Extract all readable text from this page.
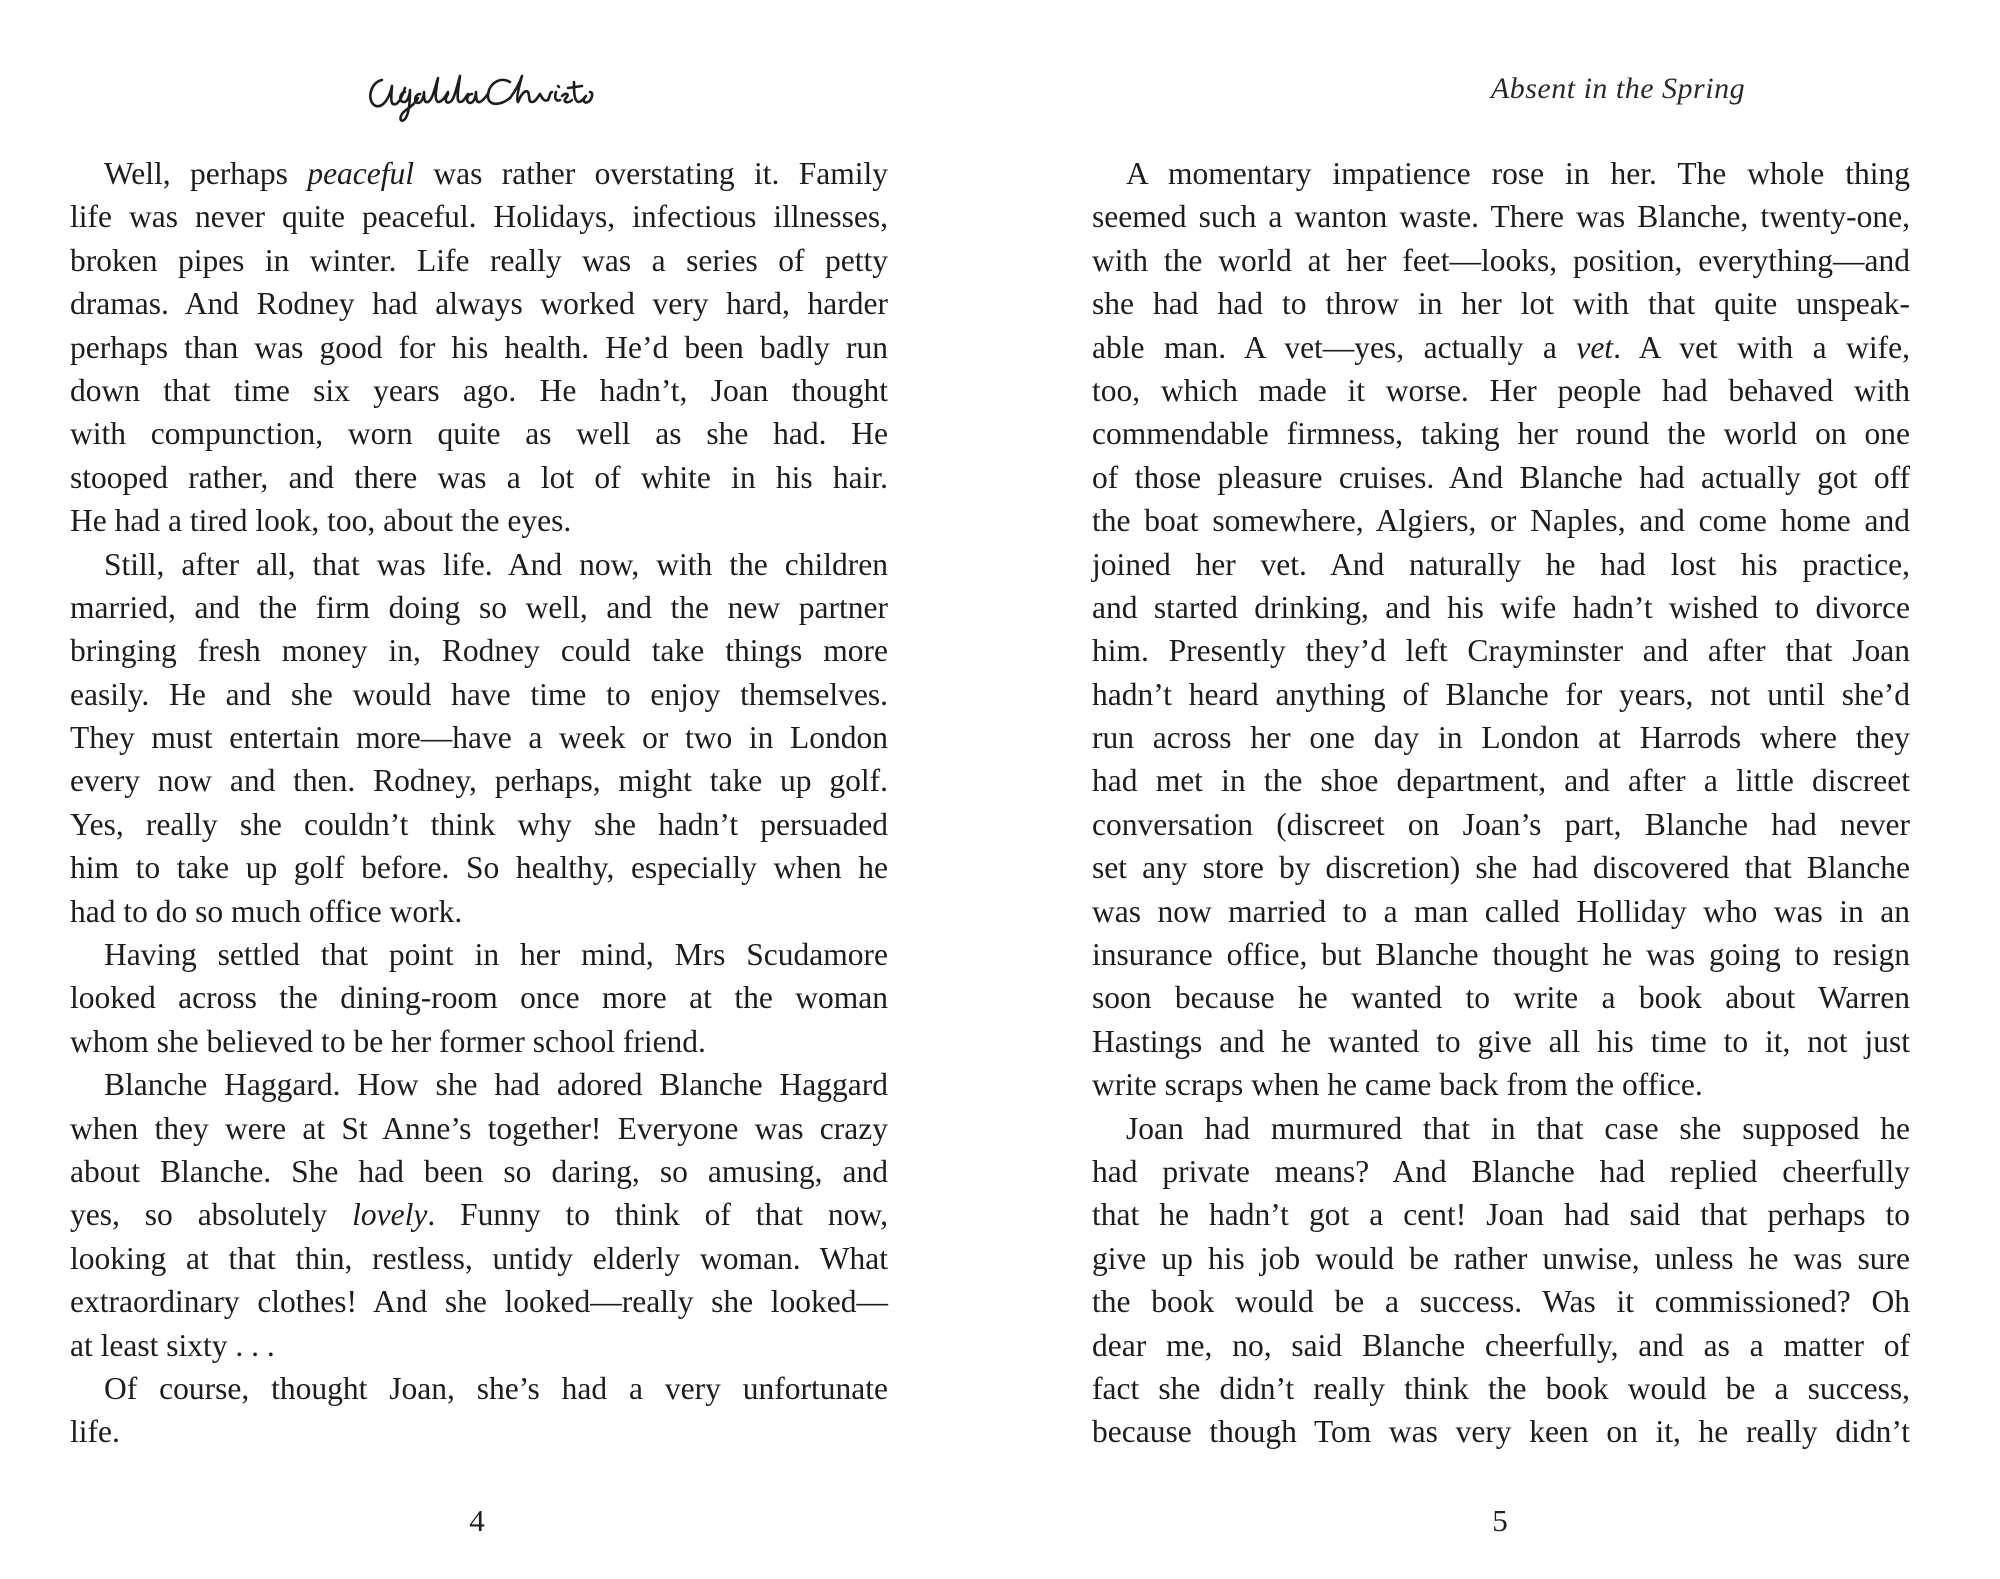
Well, perhaps peaceful was rather overstating it. Family
life was never quite peaceful. Holidays, infectious illnesses,
broken pipes in winter. Life really was a series of petty
dramas. And Rodney had always worked very hard, harder
perhaps than was good for his health. He’d been badly run
down that time six years ago. He hadn’t, Joan thought
with compunction, worn quite as well as she had. He
stooped rather, and there was a lot of white in his hair.
He had a tired look, too, about the eyes.
Still, after all, that was life. And now, with the children
married, and the firm doing so well, and the new partner
bringing fresh money in, Rodney could take things more
easily. He and she would have time to enjoy themselves.
They must entertain more—have a week or two in London
every now and then. Rodney, perhaps, might take up golf.
Yes, really she couldn’t think why she hadn’t persuaded
him to take up golf before. So healthy, especially when he
had to do so much office work.
Having settled that point in her mind, Mrs Scudamore
looked across the dining-room once more at the woman
whom she believed to be her former school friend.
Blanche Haggard. How she had adored Blanche Haggard
when they were at St Anne’s together! Everyone was crazy
about Blanche. She had been so daring, so amusing, and
yes, so absolutely lovely. Funny to think of that now,
looking at that thin, restless, untidy elderly woman. What
extraordinary clothes! And she looked—really she looked—
at least sixty . . .
Of course, thought Joan, she’s had a very unfortunate
life.
4
Absent in the Spring
A momentary impatience rose in her. The whole thing
seemed such a wanton waste. There was Blanche, twenty-one,
with the world at her feet—looks, position, everything—and
she had had to throw in her lot with that quite unspeak-
able man. A vet—yes, actually a vet. A vet with a wife,
too, which made it worse. Her people had behaved with
commendable firmness, taking her round the world on one
of those pleasure cruises. And Blanche had actually got off
the boat somewhere, Algiers, or Naples, and come home and
joined her vet. And naturally he had lost his practice,
and started drinking, and his wife hadn’t wished to divorce
him. Presently they’d left Crayminster and after that Joan
hadn’t heard anything of Blanche for years, not until she’d
run across her one day in London at Harrods where they
had met in the shoe department, and after a little discreet
conversation (discreet on Joan’s part, Blanche had never
set any store by discretion) she had discovered that Blanche
was now married to a man called Holliday who was in an
insurance office, but Blanche thought he was going to resign
soon because he wanted to write a book about Warren
Hastings and he wanted to give all his time to it, not just
write scraps when he came back from the office.
Joan had murmured that in that case she supposed he
had private means? And Blanche had replied cheerfully
that he hadn’t got a cent! Joan had said that perhaps to
give up his job would be rather unwise, unless he was sure
the book would be a success. Was it commissioned? Oh
dear me, no, said Blanche cheerfully, and as a matter of
fact she didn’t really think the book would be a success,
because though Tom was very keen on it, he really didn’t
5
